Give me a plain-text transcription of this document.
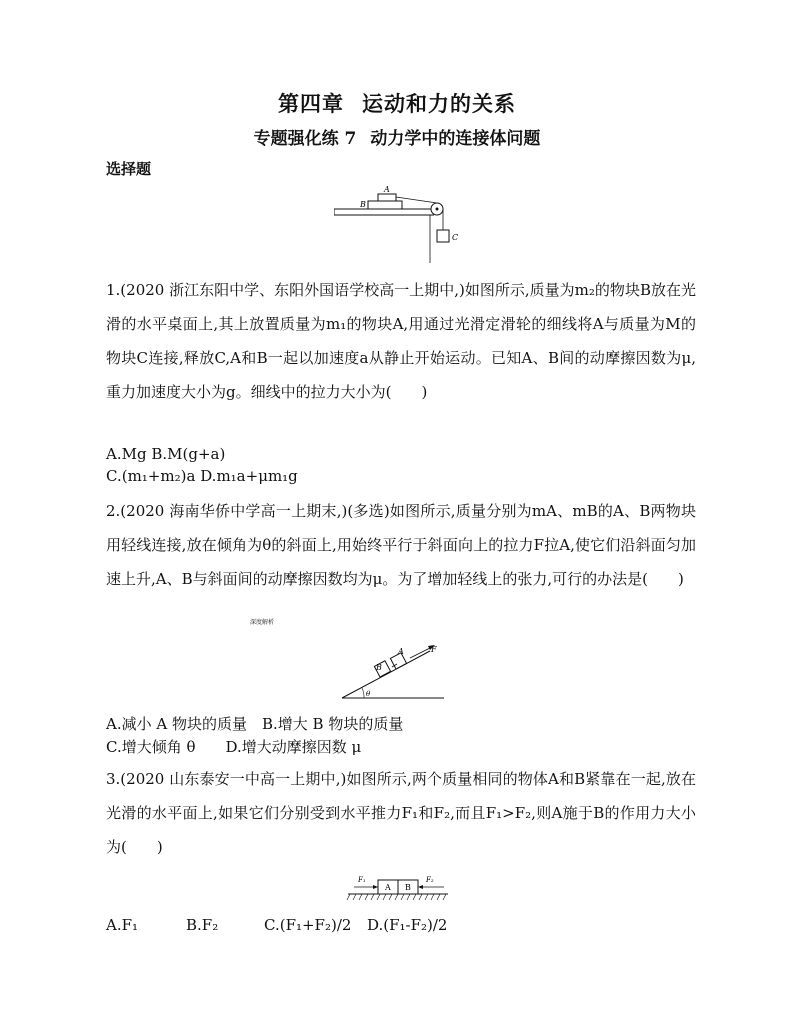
第四章 运动和力的关系
专题强化练 7 动力学中的连接体问题
选择题
A
B
C
1.(2020 浙江东阳中学、东阳外国语学校高一上期中,)如图所示,质量为m₂的物块B放在光滑的水平桌面上,其上放置质量为m₁的物块A,用通过光滑定滑轮的细线将A与质量为M的物块C连接,释放C,A和B一起以加速度a从静止开始运动。已知A、B间的动摩擦因数为μ,重力加速度大小为g。细线中的拉力大小为(　　)
A.Mg B.M(g+a)
C.(m₁+m₂)a D.m₁a+μm₁g
2.(2020 海南华侨中学高一上期末,)(多选)如图所示,质量分别为mA、mB的A、B两物块用轻线连接,放在倾角为θ的斜面上,用始终平行于斜面向上的拉力F拉A,使它们沿斜面匀加速上升,A、B与斜面间的动摩擦因数均为μ。为了增加轻线上的张力,可行的办法是(　　)
深度解析
B
A	F
θ
A.减小 A 物块的质量　 B.增大 B 物块的质量
C.增大倾角 θ　　 D.增大动摩擦因数 μ
3.(2020 山东泰安一中高一上期中,)如图所示,两个质量相同的物体A和B紧靠在一起,放在光滑的水平面上,如果它们分别受到水平推力F₁和F₂,而且F₁>F₂,则A施于B的作用力大小为(　　)
F₁
A B
F₂
A.F₁	B.F₂	C.(F₁+F₂)/2 D.(F₁-F₂)/2
